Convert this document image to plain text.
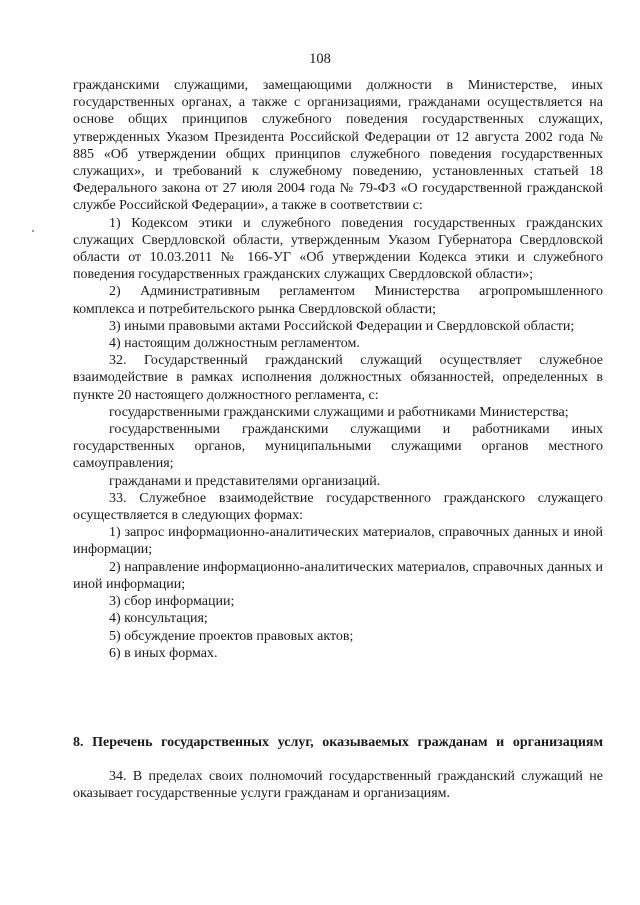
108

гражданскими служащими, замещающими должности в Министерстве, иных государственных органах, а также с организациями, гражданами осуществляется на основе общих принципов служебного поведения государственных служащих, утвержденных Указом Президента Российской Федерации от 12 августа 2002 года № 885 «Об утверждении общих принципов служебного поведения государственных служащих», и требований к служебному поведению, установленных статьей 18 Федерального закона от 27 июля 2004 года № 79-ФЗ «О государственной гражданской службе Российской Федерации», а также в соответствии с:

1) Кодексом этики и служебного поведения государственных гражданских служащих Свердловской области, утвержденным Указом Губернатора Свердловской области от 10.03.2011 № 166-УГ «Об утверждении Кодекса этики и служебного поведения государственных гражданских служащих Свердловской области»;

2) Административным регламентом Министерства агропромышленного комплекса и потребительского рынка Свердловской области;

3) иными правовыми актами Российской Федерации и Свердловской области;

4) настоящим должностным регламентом.

32. Государственный гражданский служащий осуществляет служебное взаимодействие в рамках исполнения должностных обязанностей, определенных в пункте 20 настоящего должностного регламента, с:

государственными гражданскими служащими и работниками Министерства;

государственными гражданскими служащими и работниками иных государственных органов, муниципальными служащими органов местного самоуправления;

гражданами и представителями организаций.

33. Служебное взаимодействие государственного гражданского служащего осуществляется в следующих формах:

1) запрос информационно-аналитических материалов, справочных данных и иной информации;

2) направление информационно-аналитических материалов, справочных данных и иной информации;

3) сбор информации;

4) консультация;

5) обсуждение проектов правовых актов;

6) в иных формах.

8. Перечень государственных услуг, оказываемых гражданам и организациям

34. В пределах своих полномочий государственный гражданский служащий не оказывает государственные услуги гражданам и организациям.
